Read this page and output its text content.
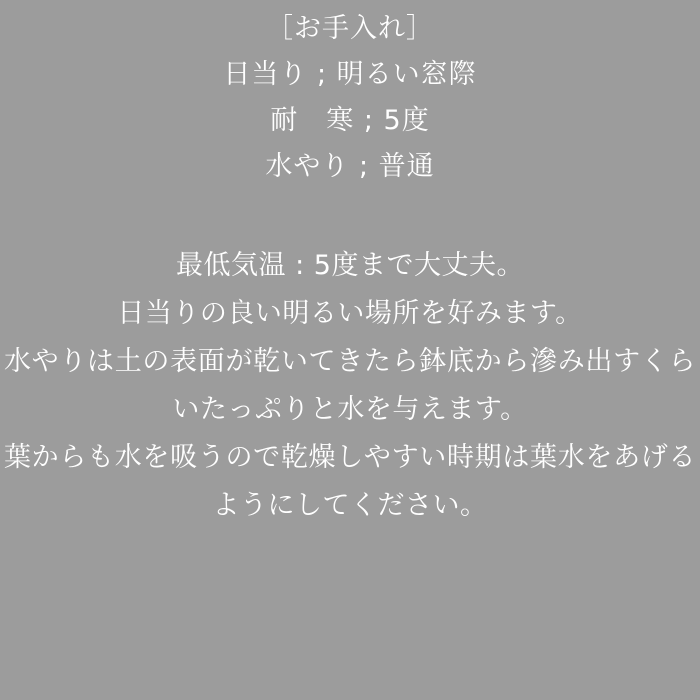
［お手入れ］
日当り ; 明るい窓際
耐　寒 ; 5度
水やり ; 普通
最低気温 : 5度まで大丈夫。
日当りの良い明るい場所を好みます。
水やりは土の表面が乾いてきたら鉢底から滲み出すくらいたっぷりと水を与えます。
葉からも水を吸うので乾燥しやすい時期は葉水をあげるようにしてください。
